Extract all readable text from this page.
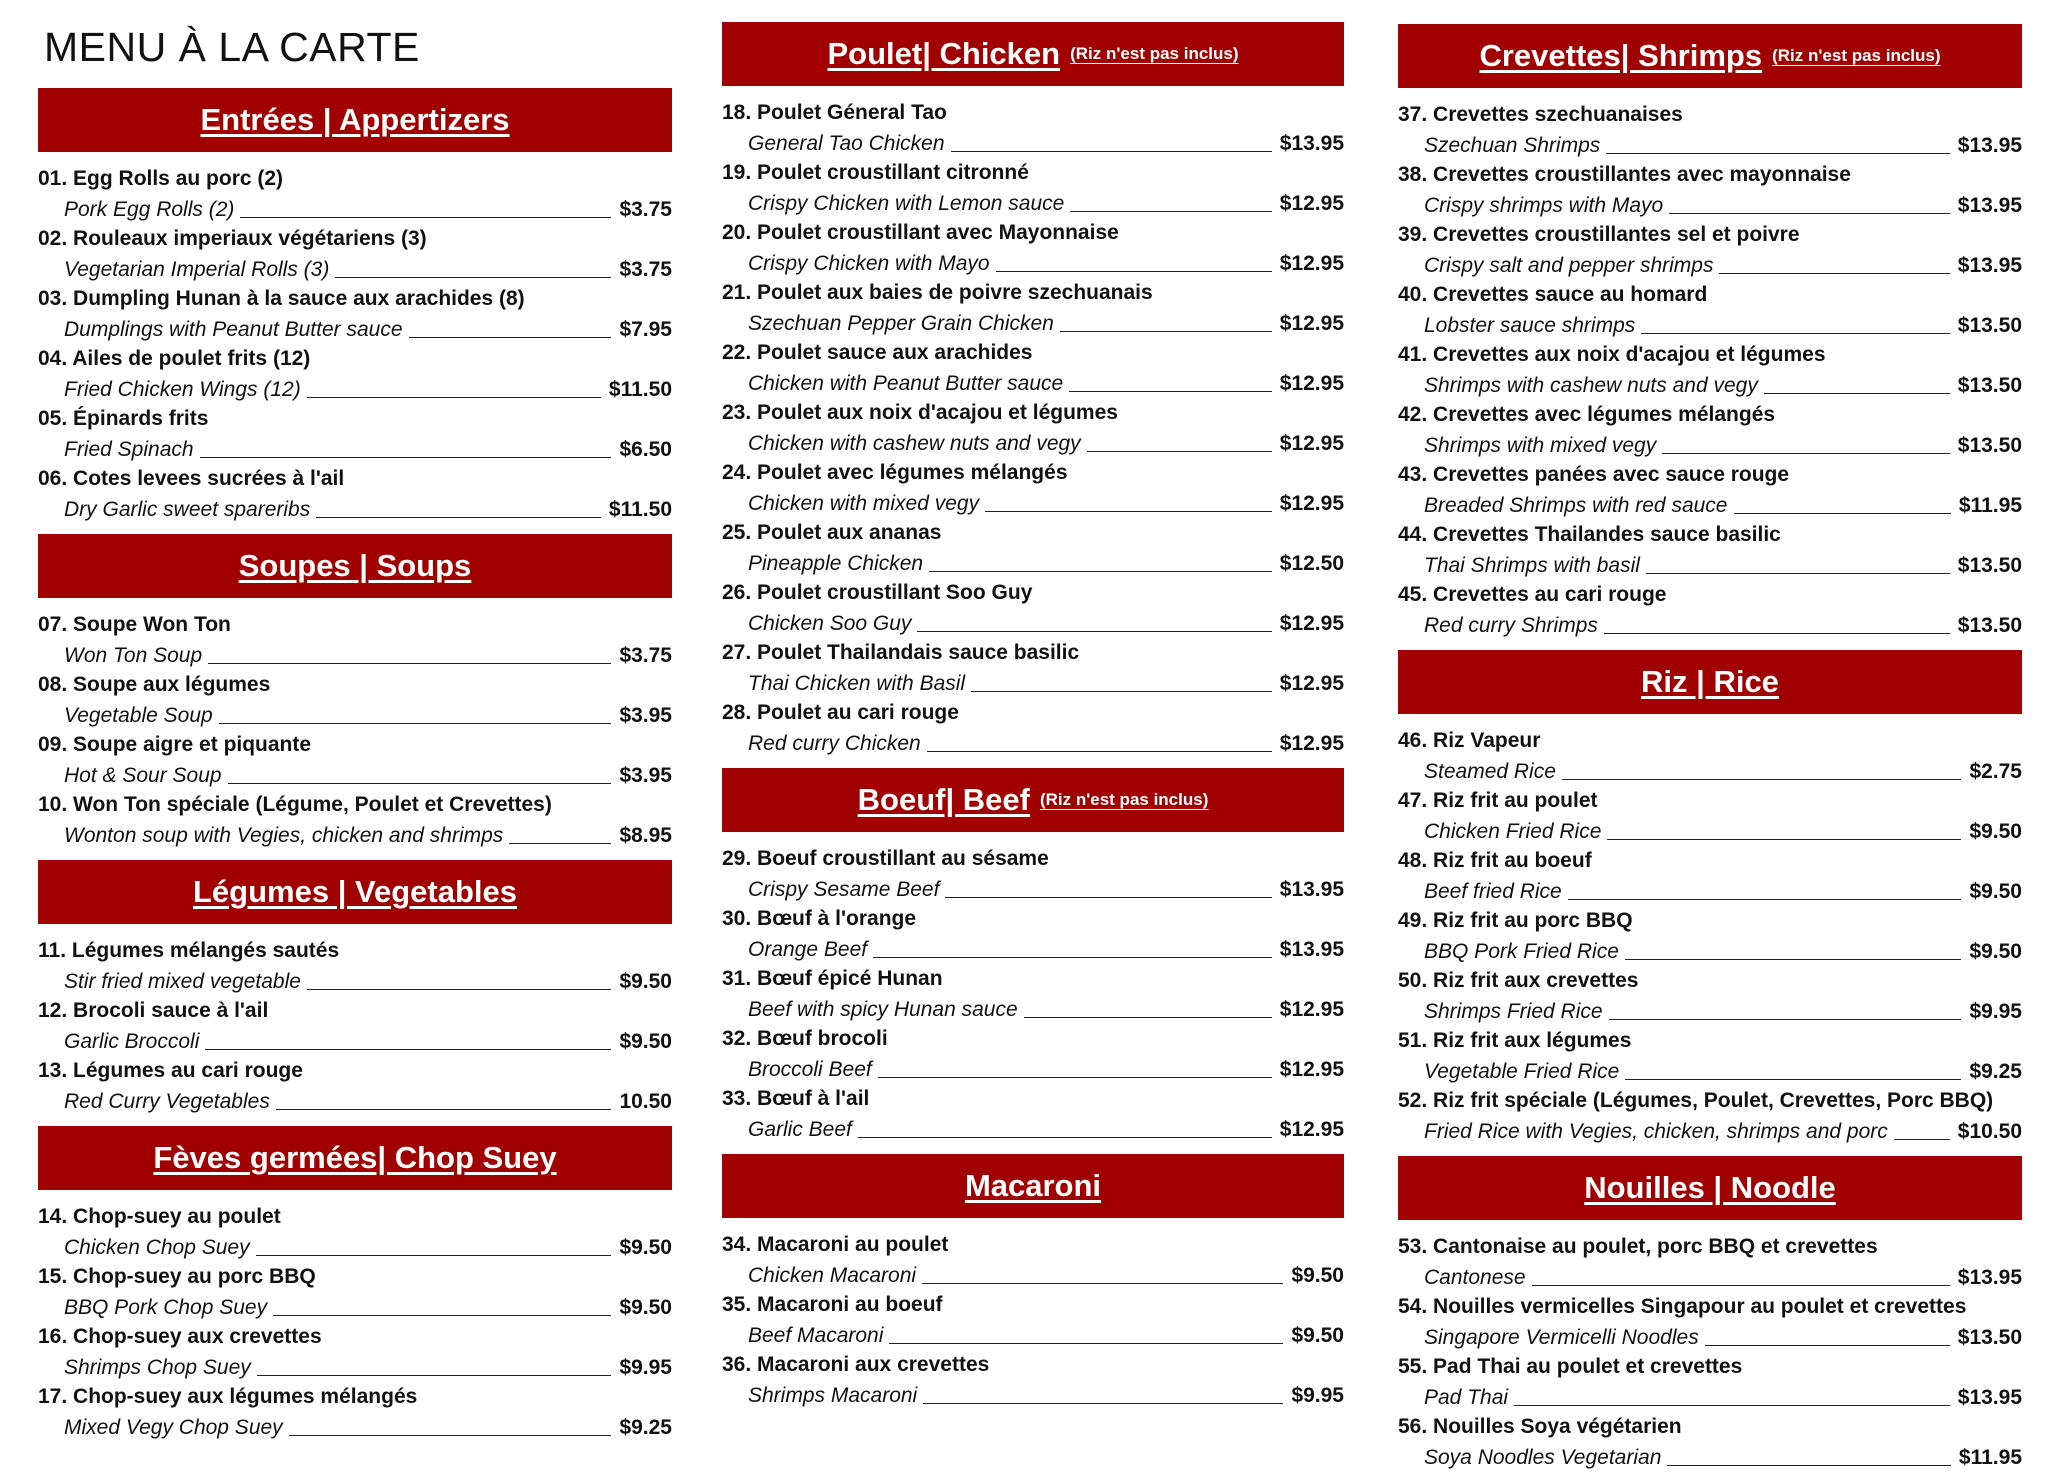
MENU À LA CARTE
Entrées | Appertizers
01. Egg Rolls au porc (2)
Pork Egg Rolls (2)	$3.75
02. Rouleaux imperiaux végétariens (3)
Vegetarian Imperial Rolls (3)	$3.75
03. Dumpling Hunan à la sauce aux arachides (8)
Dumplings with Peanut Butter sauce	$7.95
04. Ailes de poulet frits (12)
Fried Chicken Wings (12)	$11.50
05. Épinards frits
Fried Spinach	$6.50
06. Cotes levees sucrées à l'ail
Dry Garlic sweet spareribs	$11.50
Soupes | Soups
07. Soupe Won Ton
Won Ton Soup	$3.75
08. Soupe aux légumes
Vegetable Soup	$3.95
09. Soupe aigre et piquante
Hot & Sour Soup	$3.95
10. Won Ton spéciale (Légume, Poulet et Crevettes)
Wonton soup with Vegies, chicken and shrimps	$8.95
Légumes | Vegetables
11. Légumes mélangés sautés
Stir fried mixed vegetable	$9.50
12. Brocoli sauce à l'ail
Garlic Broccoli	$9.50
13. Légumes au cari rouge
Red Curry Vegetables	10.50
Fèves germées| Chop Suey
14. Chop-suey au poulet
Chicken Chop Suey	$9.50
15. Chop-suey au porc BBQ
BBQ Pork Chop Suey	$9.50
16. Chop-suey aux crevettes
Shrimps Chop Suey	$9.95
17. Chop-suey aux légumes mélangés
Mixed Vegy Chop Suey	$9.25
Poulet| Chicken (Riz n'est pas inclus)
18. Poulet Géneral Tao
General Tao Chicken	$13.95
19. Poulet croustillant citronné
Crispy Chicken with Lemon sauce	$12.95
20. Poulet croustillant avec Mayonnaise
Crispy Chicken with Mayo	$12.95
21. Poulet aux baies de poivre szechuanais
Szechuan Pepper Grain Chicken	$12.95
22. Poulet sauce aux arachides
Chicken with Peanut Butter sauce	$12.95
23. Poulet aux noix d'acajou et légumes
Chicken with cashew nuts and vegy	$12.95
24. Poulet avec légumes mélangés
Chicken with mixed vegy	$12.95
25. Poulet aux ananas
Pineapple Chicken	$12.50
26. Poulet croustillant Soo Guy
Chicken Soo Guy	$12.95
27. Poulet Thailandais sauce basilic
Thai Chicken with Basil	$12.95
28. Poulet au cari rouge
Red curry Chicken	$12.95
Boeuf| Beef (Riz n'est pas inclus)
29. Boeuf croustillant au sésame
Crispy Sesame Beef	$13.95
30. Bœuf à l'orange
Orange Beef	$13.95
31. Bœuf épicé Hunan
Beef with spicy Hunan sauce	$12.95
32. Bœuf brocoli
Broccoli Beef	$12.95
33. Bœuf à l'ail
Garlic Beef	$12.95
Macaroni
34. Macaroni au poulet
Chicken Macaroni	$9.50
35. Macaroni au boeuf
Beef Macaroni	$9.50
36. Macaroni aux crevettes
Shrimps Macaroni	$9.95
Crevettes| Shrimps (Riz n'est pas inclus)
37. Crevettes szechuanaises
Szechuan Shrimps	$13.95
38. Crevettes croustillantes avec mayonnaise
Crispy shrimps with Mayo	$13.95
39. Crevettes croustillantes sel et poivre
Crispy salt and pepper shrimps	$13.95
40. Crevettes sauce au homard
Lobster sauce shrimps	$13.50
41. Crevettes aux noix d'acajou et légumes
Shrimps with cashew nuts and vegy	$13.50
42. Crevettes avec légumes mélangés
Shrimps with mixed vegy	$13.50
43. Crevettes panées avec sauce rouge
Breaded Shrimps with red sauce	$11.95
44. Crevettes Thailandes sauce basilic
Thai Shrimps with basil	$13.50
45. Crevettes au cari rouge
Red curry Shrimps	$13.50
Riz | Rice
46. Riz Vapeur
Steamed Rice	$2.75
47. Riz frit au poulet
Chicken Fried Rice	$9.50
48. Riz frit au boeuf
Beef fried Rice	$9.50
49. Riz frit au porc BBQ
BBQ Pork Fried Rice	$9.50
50. Riz frit aux crevettes
Shrimps Fried Rice	$9.95
51. Riz frit aux légumes
Vegetable Fried Rice	$9.25
52. Riz frit spéciale (Légumes, Poulet, Crevettes, Porc BBQ)
Fried Rice with Vegies, chicken, shrimps and porc	$10.50
Nouilles | Noodle
53. Cantonaise au poulet, porc BBQ et crevettes
Cantonese	$13.95
54. Nouilles vermicelles Singapour au poulet et crevettes
Singapore Vermicelli Noodles	$13.50
55. Pad Thai au poulet et crevettes
Pad Thai	$13.95
56. Nouilles Soya végétarien
Soya Noodles Vegetarian	$11.95
